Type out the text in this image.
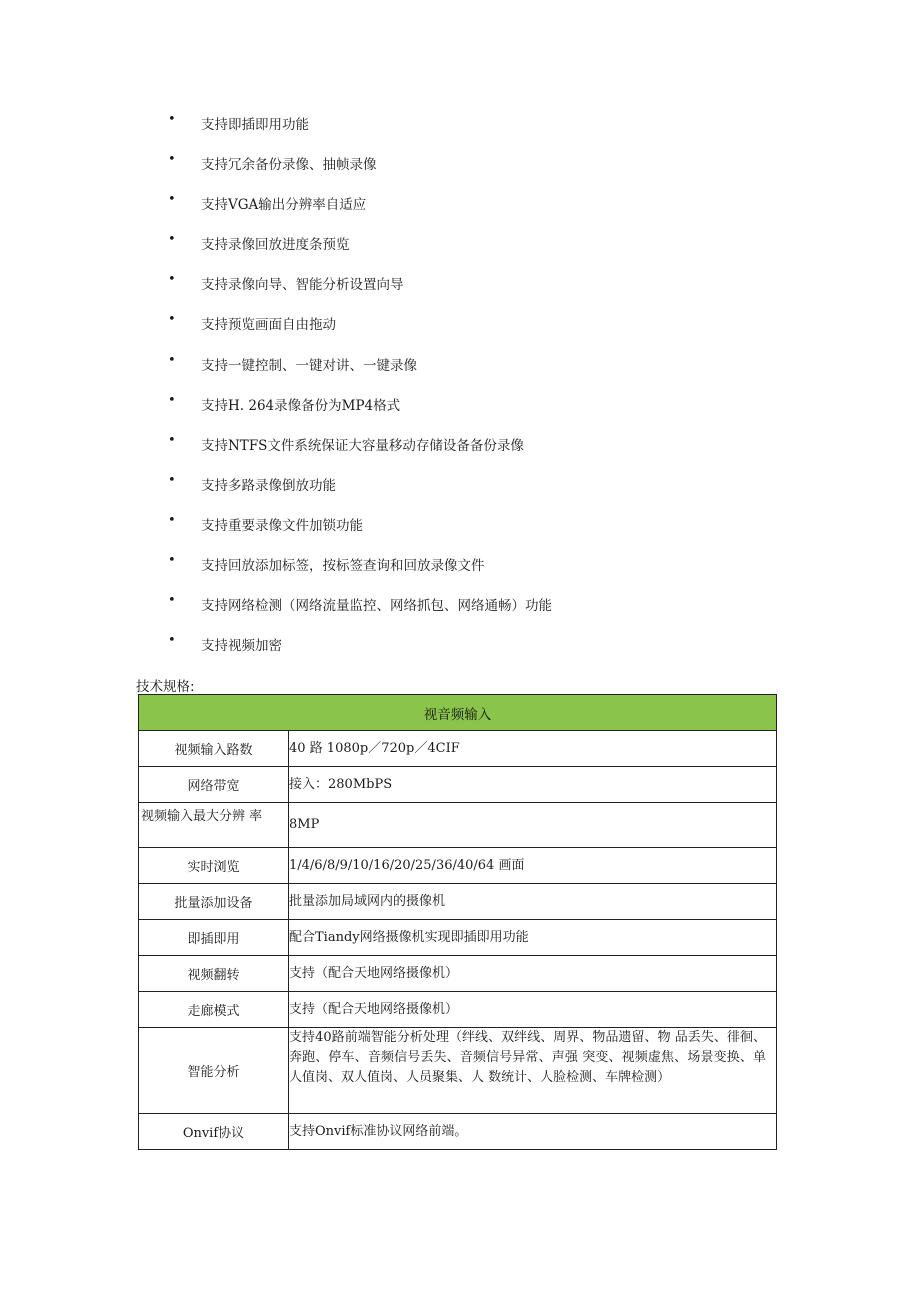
• 支持即插即用功能
• 支持冗余备份录像、抽帧录像
• 支持VGA输出分辨率自适应
• 支持录像回放进度条预览
• 支持录像向导、智能分析设置向导
• 支持预览画面自由拖动
• 支持一键控制、一键对讲、一键录像
• 支持H. 264录像备份为MP4格式
• 支持NTFS文件系统保证大容量移动存储设备备份录像
• 支持多路录像倒放功能
• 支持重要录像文件加锁功能
• 支持回放添加标签，按标签查询和回放录像文件
• 支持网络检测（网络流量监控、网络抓包、网络通畅）功能
• 支持视频加密
技术规格:
视音频输入	
视频输入路数	40 路 1080p／720p／4CIF
网络带宽	接入：280MbPS
视频输入最大分辨 率	8MP
实时浏览	1/4/6/8/9/10/16/20/25/36/40/64 画面
批量添加设备	批量添加局域网内的摄像机
即插即用	配合Tiandy网络摄像机实现即插即用功能
视频翻转	支持（配合天地网络摄像机）
走廊模式	支持（配合天地网络摄像机）
智能分析	支持40路前端智能分析处理（绊线、双绊线、周界、物品遗留、物 品丢失、徘徊、奔跑、停车、音频信号丢失、音频信号异常、声强 突变、视频虚焦、场景变换、单人值岗、双人值岗、人员聚集、人 数统计、人脸检测、车牌检测）
Onvif协议	支持Onvif标准协议网络前端。
